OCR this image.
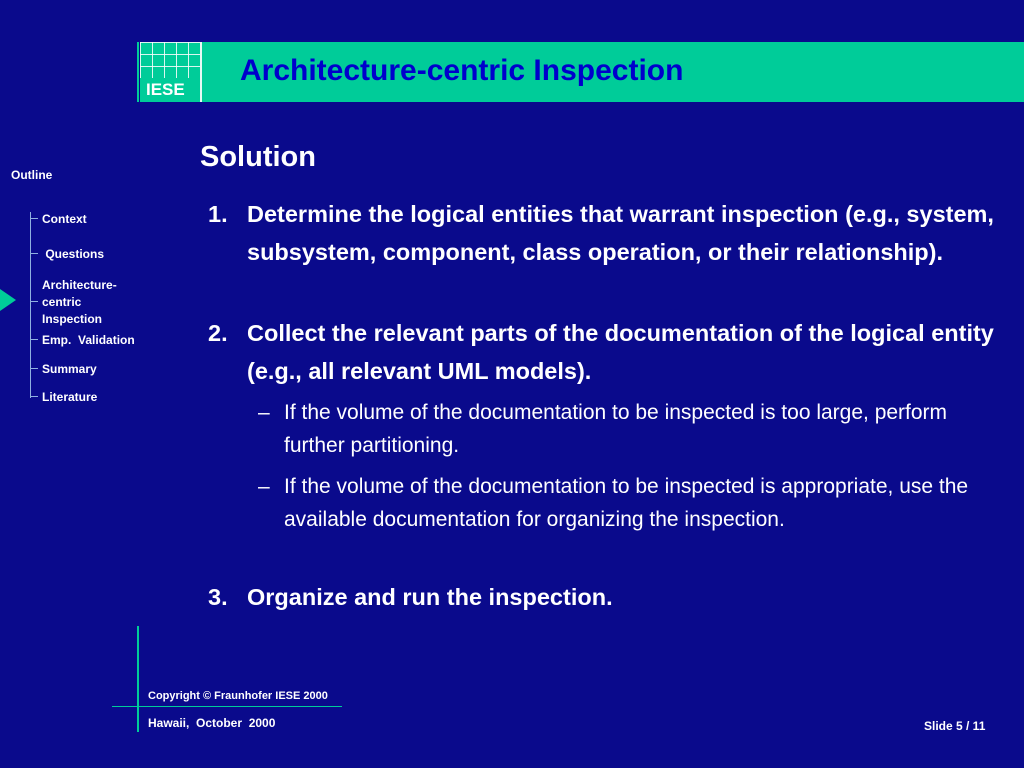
IESE
Architecture-centric Inspection
Outline
Context
Questions
Architecture-
centric
Inspection
Emp.  Validation
Summary
Literature
Solution
1. Determine the logical entities that warrant inspection (e.g., system, subsystem, component, class operation, or their relationship).
2. Collect the relevant parts of the documentation of the logical entity (e.g., all relevant UML models).
– If the volume of the documentation to be inspected is too large, perform further partitioning.
– If the volume of the documentation to be inspected is appropriate, use the available documentation for organizing the inspection.
3. Organize and run the inspection.
Copyright © Fraunhofer IESE 2000
Hawaii,  October  2000	Slide 5 / 11
